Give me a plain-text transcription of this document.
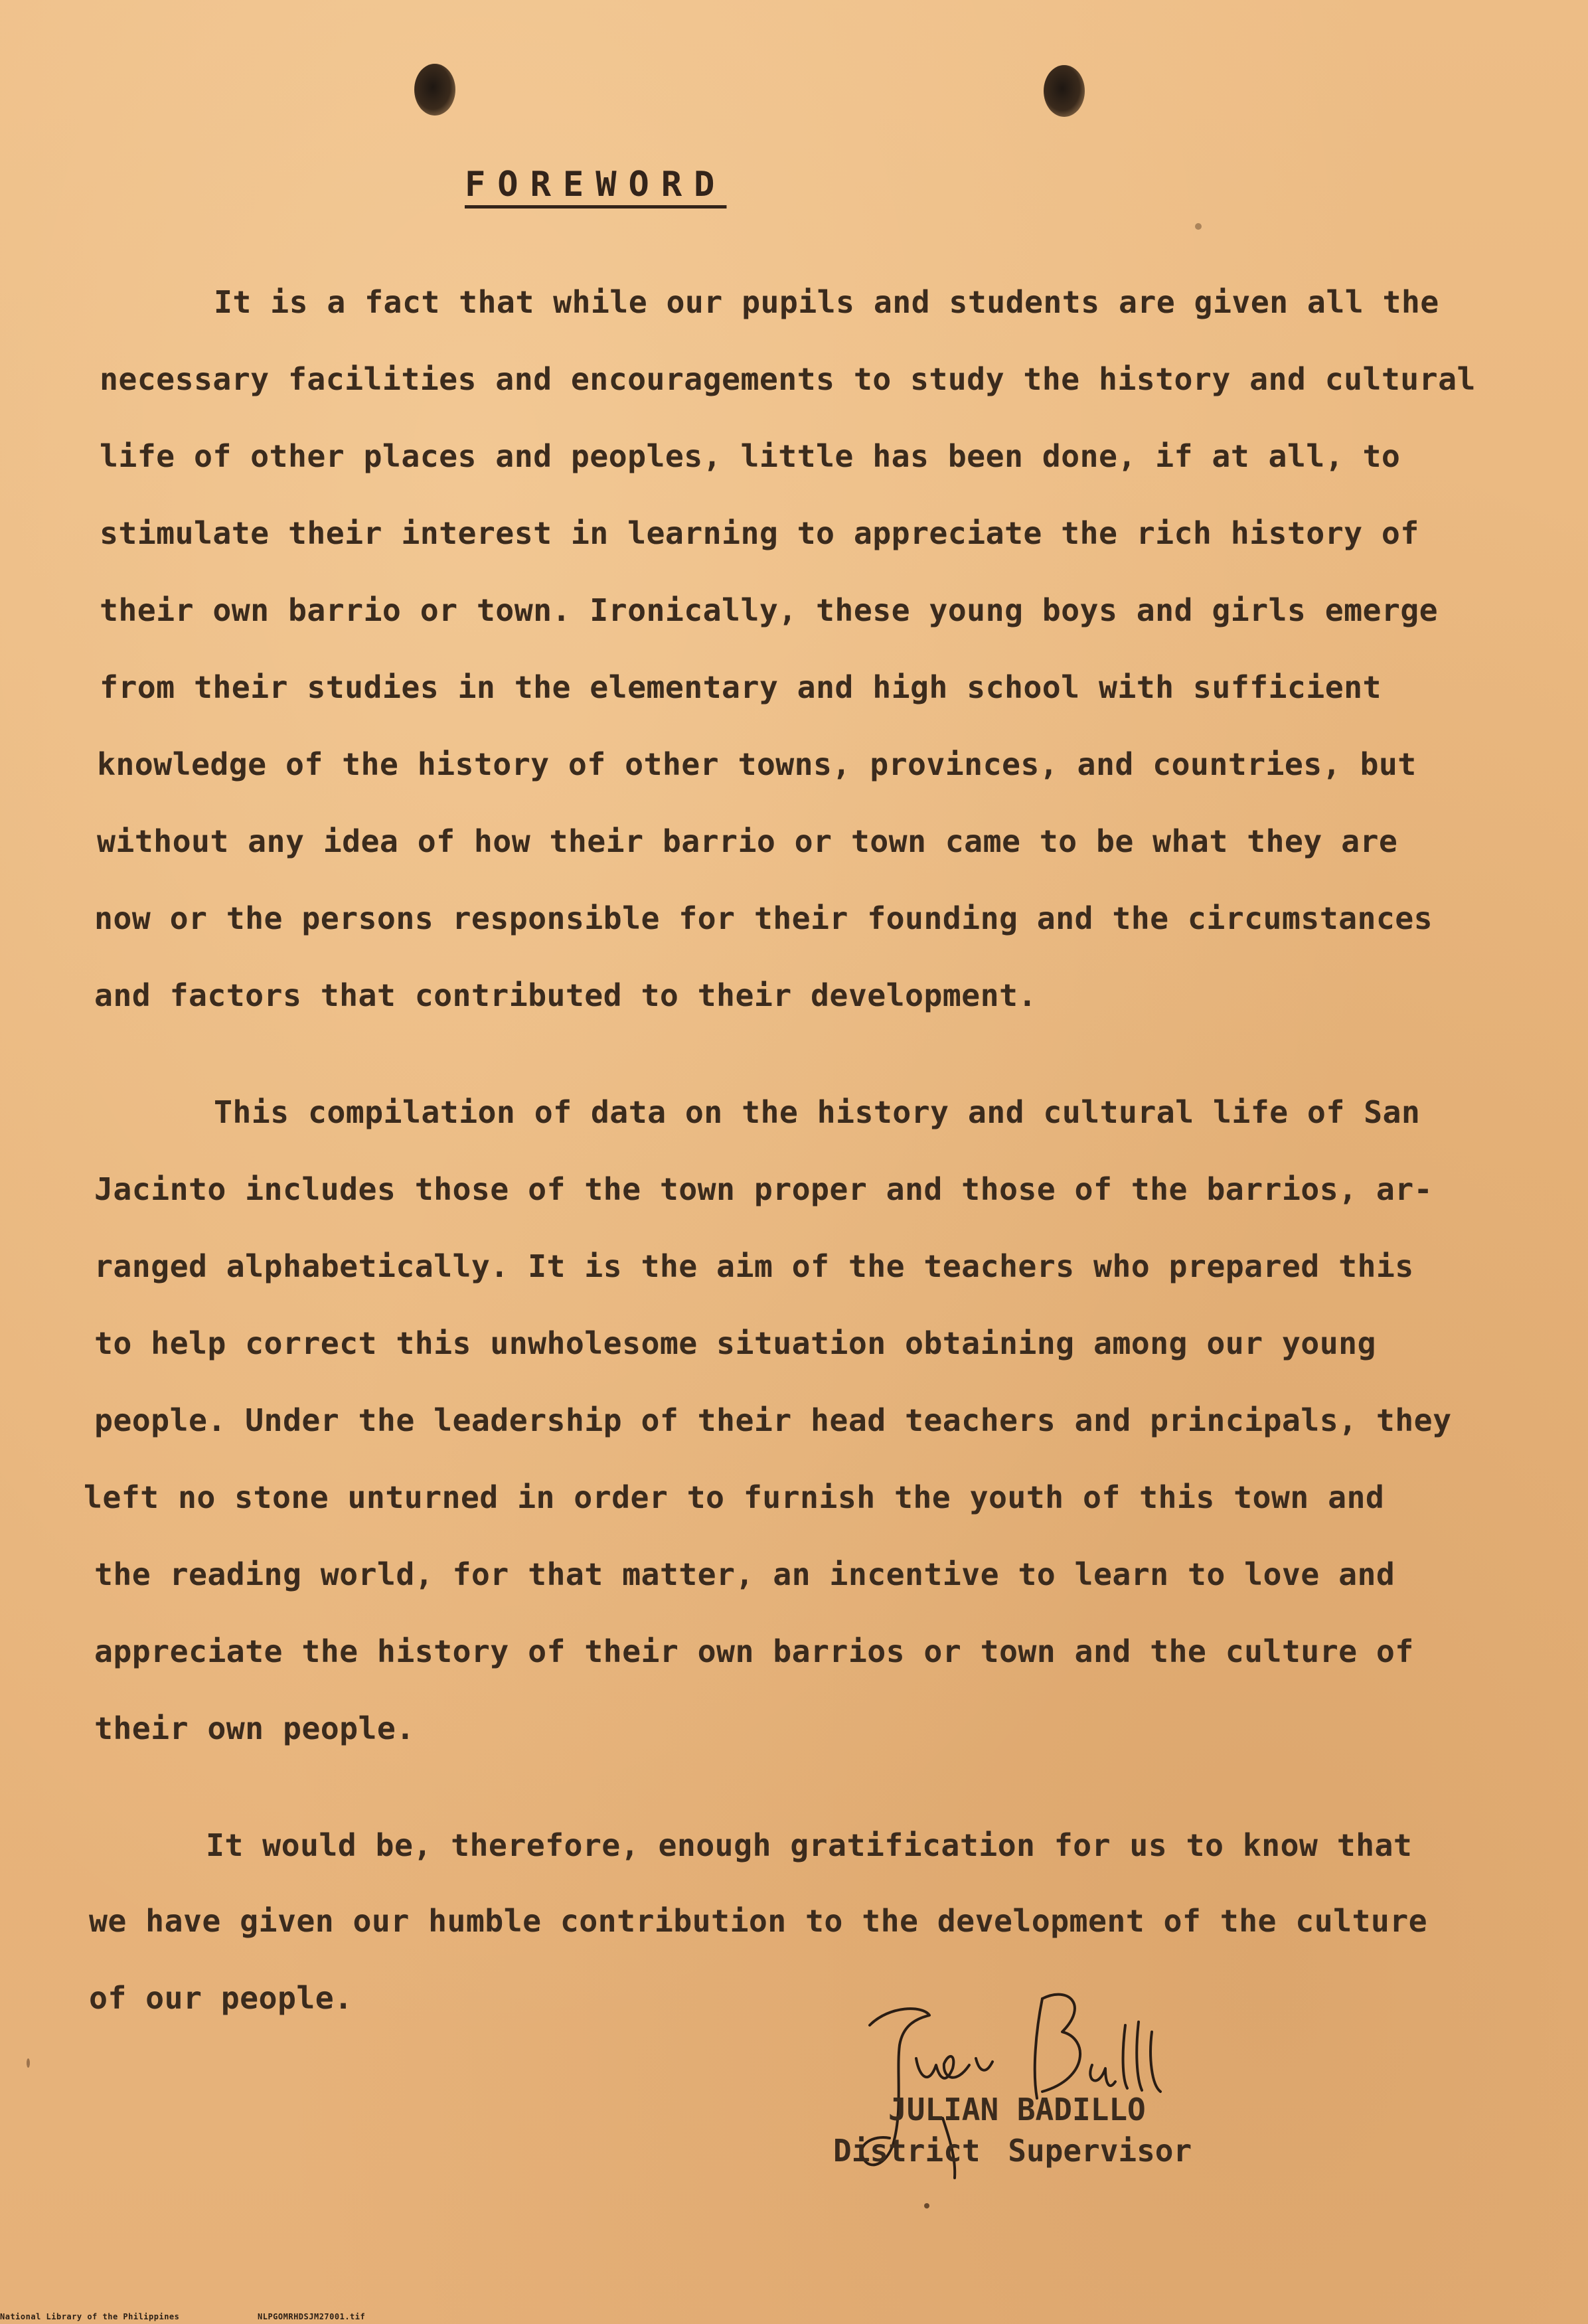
FOREWORD
It is a fact that while our pupils and students are given all the
necessary facilities and encouragements to study the history and cultural
life of other places and peoples, little has been done, if at all, to
stimulate their interest in learning to appreciate the rich history of
their own barrio or town. Ironically, these young boys and girls emerge
from their studies in the elementary and high school with sufficient
knowledge of the history of other towns, provinces, and countries, but
without any idea of how their barrio or town came to be what they are
now or the persons responsible for their founding and the circumstances
and factors that contributed to their development.
This compilation of data on the history and cultural life of San
Jacinto includes those of the town proper and those of the barrios, ar-
ranged alphabetically. It is the aim of the teachers who prepared this
to help correct this unwholesome situation obtaining among our young
people. Under the leadership of their head teachers and principals, they
left no stone unturned in order to furnish the youth of this town and
the reading world, for that matter, an incentive to learn to love and
appreciate the history of their own barrios or town and the culture of
their own people.
It would be, therefore, enough gratification for us to know that
we have given our humble contribution to the development of the culture
of our people.
JULIAN BADILLO
District Supervisor
National Library of the Philippines	NLPGOMRHDSJM27001.tif
